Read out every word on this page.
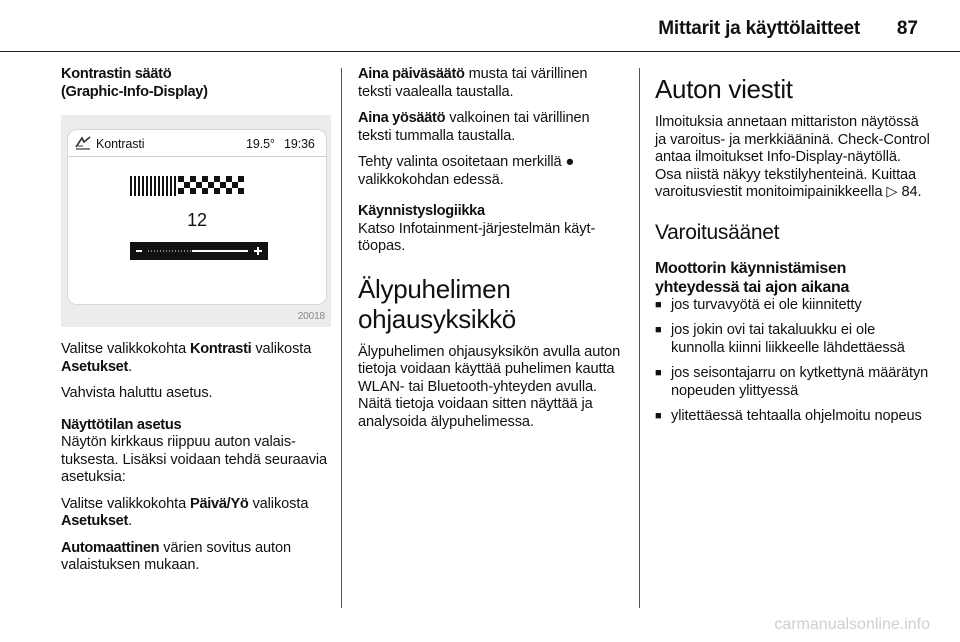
Mittarit ja käyttölaitteet 87
Kontrastin säätö
(Graphic-Info-Display)
Kontrasti	19.5° 19:36
12
20018

Valitse valikkokohta Kontrasti valikosta Asetukset.

Vahvista haluttu asetus.

Näyttötilan asetus

Näytön kirkkaus riippuu auton valaistuksesta. Lisäksi voidaan tehdä seuraavia asetuksia:

Valitse valikkokohta Päivä/Yö valikosta Asetukset.

Automaattinen värien sovitus auton valaistuksen mukaan.

Aina päiväsäätö musta tai värillinen teksti vaalealla taustalla.

Aina yösäätö valkoinen tai värillinen teksti tummalla taustalla.

Tehty valinta osoitetaan merkillä ● valikkokohdan edessä.

Käynnistyslogiikka

Katso Infotainment-järjestelmän käyttöopas.

Älypuhelimen
ohjausyksikkö

Älypuhelimen ohjausyksikön avulla auton tietoja voidaan käyttää puhelimen kautta WLAN- tai Bluetooth-yhteyden avulla. Näitä tietoja voidaan sitten näyttää ja analysoida älypuhelimessa.

Auton viestit

Ilmoituksia annetaan mittariston näytössä ja varoitus- ja merkkiääninä. Check-Control antaa ilmoitukset Info-Display-näytöllä. Osa niistä näkyy tekstilyhenteinä. Kuittaa varoitusviestit monitoimipainikkeella ▷ 84.

Varoitusäänet
Moottorin käynnistämisen
yhteydessä tai ajon aikana
■ jos turvavyötä ei ole kiinnitetty
■ jos jokin ovi tai takaluukku ei ole kunnolla kiinni liikkeelle lähdettäessä
■ jos seisontajarru on kytkettynä määrätyn nopeuden ylittyessä
■ ylitettäessä tehtaalla ohjelmoitu nopeus
carmanualsonline.info
